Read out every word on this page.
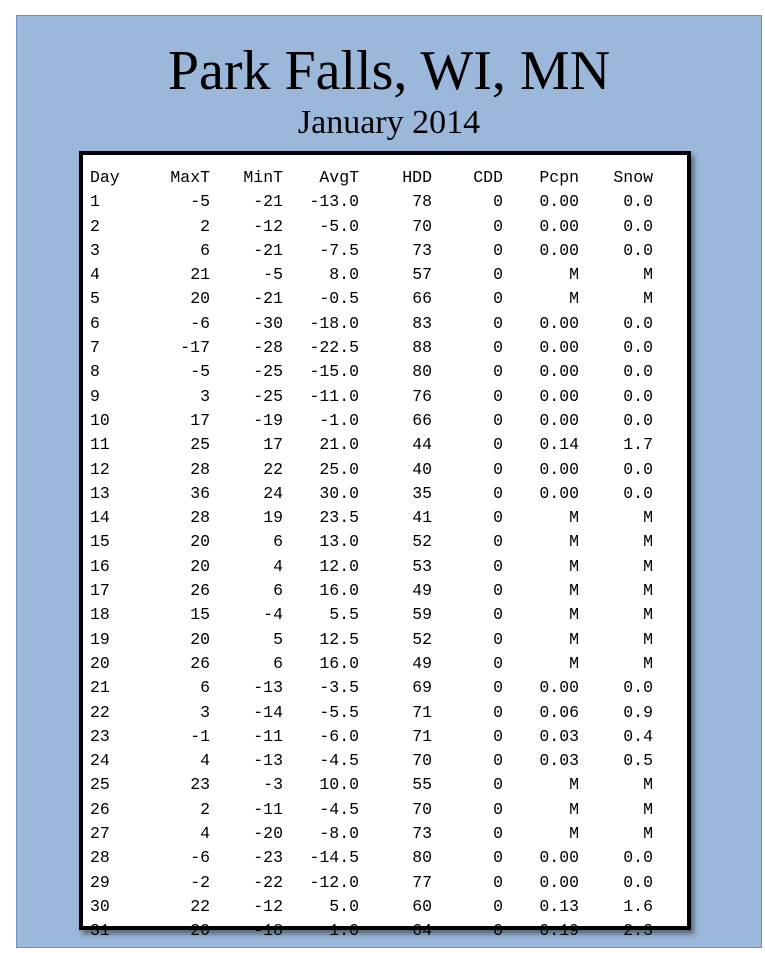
Park Falls, WI, MN
January 2014
Day	MaxT	MinT	AvgT	HDD	CDD	Pcpn	Snow
1	-5	-21	-13.0	78	0	0.00	0.0
2	2	-12	-5.0	70	0	0.00	0.0
3	6	-21	-7.5	73	0	0.00	0.0
4	21	-5	8.0	57	0	M	M
5	20	-21	-0.5	66	0	M	M
6	-6	-30	-18.0	83	0	0.00	0.0
7	-17	-28	-22.5	88	0	0.00	0.0
8	-5	-25	-15.0	80	0	0.00	0.0
9	3	-25	-11.0	76	0	0.00	0.0
10	17	-19	-1.0	66	0	0.00	0.0
11	25	17	21.0	44	0	0.14	1.7
12	28	22	25.0	40	0	0.00	0.0
13	36	24	30.0	35	0	0.00	0.0
14	28	19	23.5	41	0	M	M
15	20	6	13.0	52	0	M	M
16	20	4	12.0	53	0	M	M
17	26	6	16.0	49	0	M	M
18	15	-4	5.5	59	0	M	M
19	20	5	12.5	52	0	M	M
20	26	6	16.0	49	0	M	M
21	6	-13	-3.5	69	0	0.00	0.0
22	3	-14	-5.5	71	0	0.06	0.9
23	-1	-11	-6.0	71	0	0.03	0.4
24	4	-13	-4.5	70	0	0.03	0.5
25	23	-3	10.0	55	0	M	M
26	2	-11	-4.5	70	0	M	M
27	4	-20	-8.0	73	0	M	M
28	-6	-23	-14.5	80	0	0.00	0.0
29	-2	-22	-12.0	77	0	0.00	0.0
30	22	-12	5.0	60	0	0.13	1.6
31	20	-18	1.0	64	0	0.19	2.3
